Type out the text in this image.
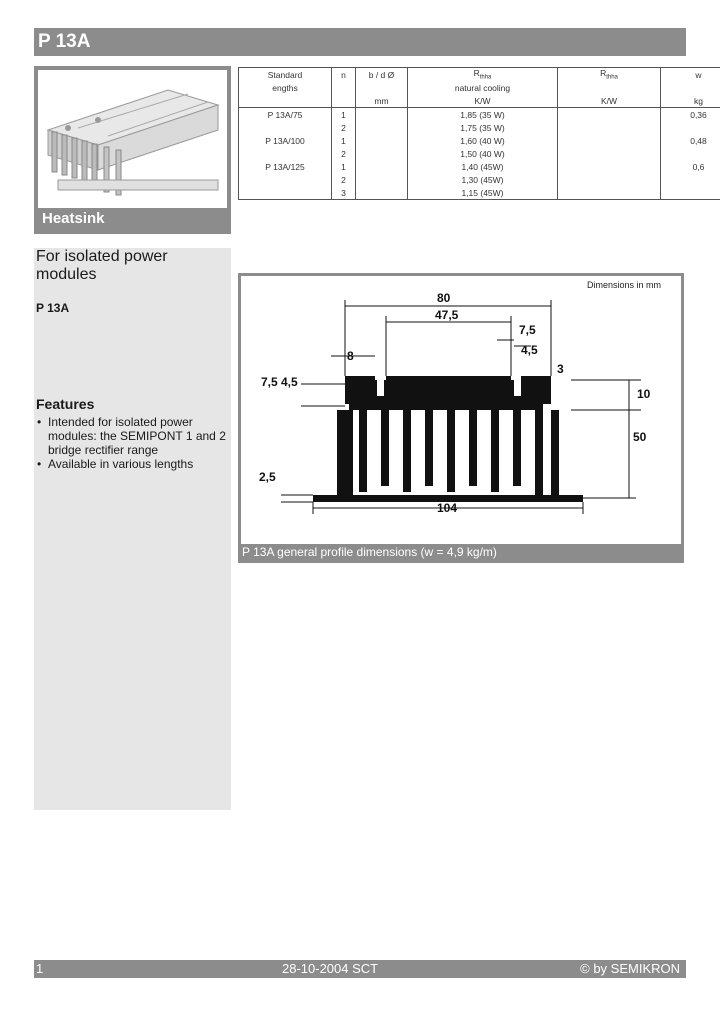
P 13A
Heatsink
Standard	n	b / d Ø	$R_{thha}$	$R_{thha}$	w
engths			natural cooling		
		mm	K/W	K/W	kg
P 13A/75	1		1,85 (35 W)		0,36
	2		1,75 (35 W)		
P 13A/100	1		1,60 (40 W)		0,48
	2		1,50 (40 W)		
P 13A/125	1		1,40 (45W)		0,6
	2		1,30 (45W)		
	3		1,15 (45W)		
For isolated power modules
P 13A
Features
• Intended for isolated power modules: the SEMIPONT 1 and 2 bridge rectifier range
• Available in various lengths
Dimensions in mm
80
47,5
7,5
4,5
8
3
10
50
7,5 4,5
2,5
104
P 13A general profile dimensions (w = 4,9 kg/m)
1	28-10-2004 SCT	© by SEMIKRON
